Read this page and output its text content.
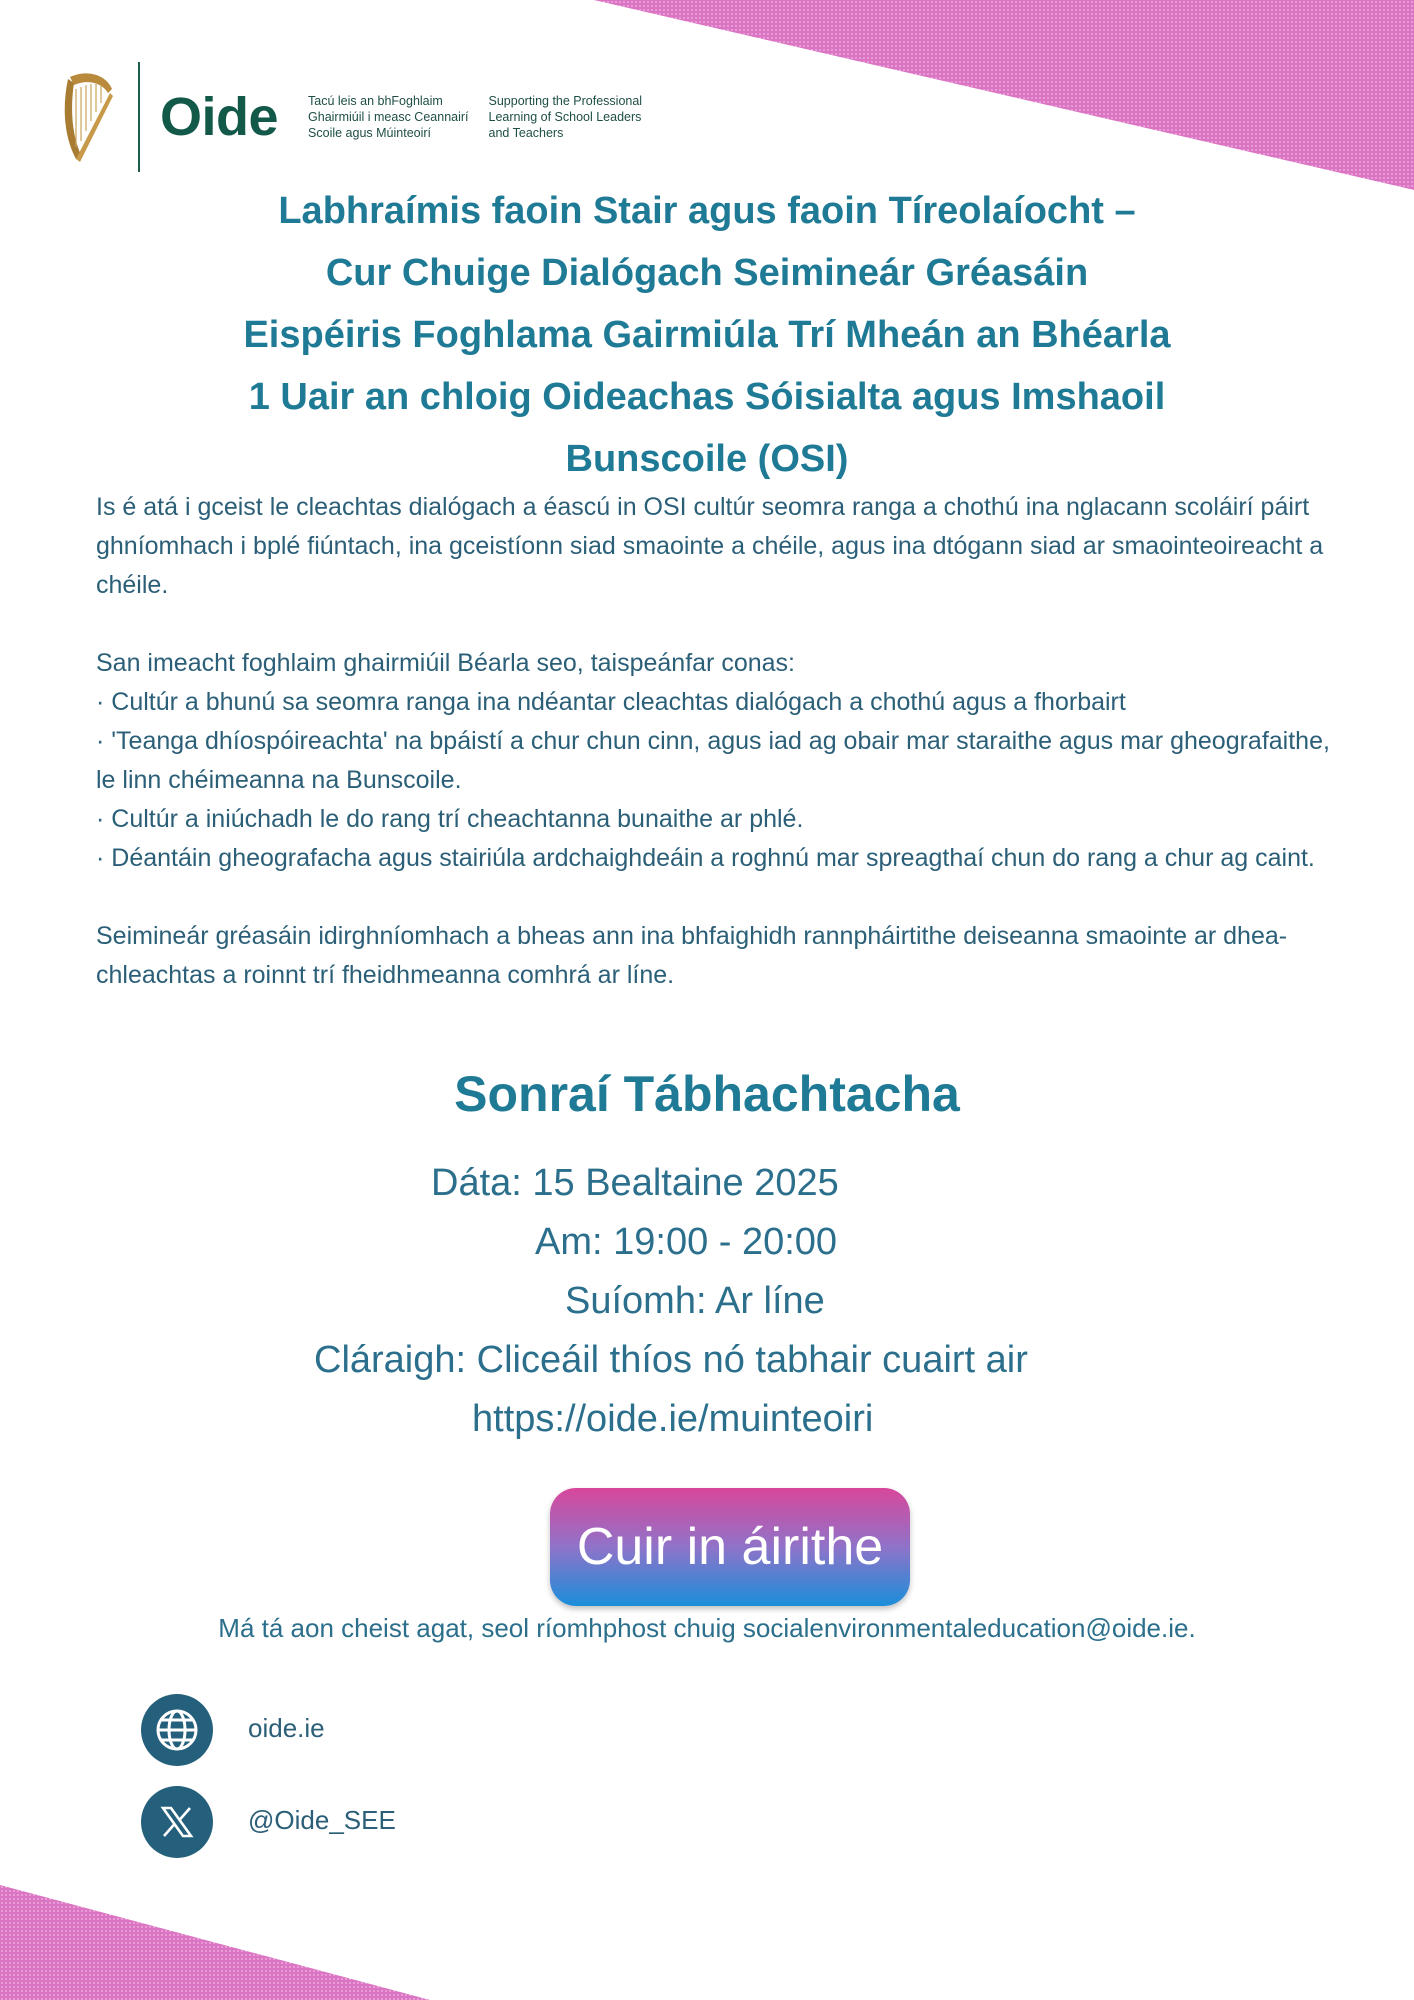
Oide Tacú leis an bhFoghlaim
Ghairmiúil i measc Ceannairí
Scoile agus Múinteoirí
Supporting the Professional
Learning of School Leaders
and Teachers
Labhraímis faoin Stair agus faoin Tíreolaíocht –
Cur Chuige Dialógach Seimineár Gréasáin
Eispéiris Foghlama Gairmiúla Trí Mheán an Bhéarla
1 Uair an chloig Oideachas Sóisialta agus Imshaoil
Bunscoile (OSI)

Is é atá i gceist le cleachtas dialógach a éascú in OSI cultúr seomra ranga a chothú ina nglacann scoláirí páirt ghníomhach i bplé fiúntach, ina gceistíonn siad smaointe a chéile, agus ina dtógann siad ar smaointeoireacht a chéile.

San imeacht foghlaim ghairmiúil Béarla seo, taispeánfar conas:

· Cultúr a bhunú sa seomra ranga ina ndéantar cleachtas dialógach a chothú agus a fhorbairt

· 'Teanga dhíospóireachta' na bpáistí a chur chun cinn, agus iad ag obair mar staraithe agus mar gheografaithe, le linn chéimeanna na Bunscoile.

· Cultúr a iniúchadh le do rang trí cheachtanna bunaithe ar phlé.

· Déantáin gheografacha agus stairiúla ardchaighdeáin a roghnú mar spreagthaí chun do rang a chur ag caint.

Seimineár gréasáin idirghníomhach a bheas ann ina bhfaighidh rannpháirtithe deiseanna smaointe ar dhea-chleachtas a roinnt trí fheidhmeanna comhrá ar líne.

Sonraí Tábhachtacha
Dáta: 15 Bealtaine 2025
Am: 19:00 - 20:00
Suíomh: Ar líne
Cláraigh: Cliceáil thíos nó tabhair cuairt air
https://oide.ie/muinteoiri
Cuir in áirithe
Má tá aon cheist agat, seol ríomhphost chuig socialenvironmentaleducation@oide.ie.
oide.ie
@Oide_SEE
